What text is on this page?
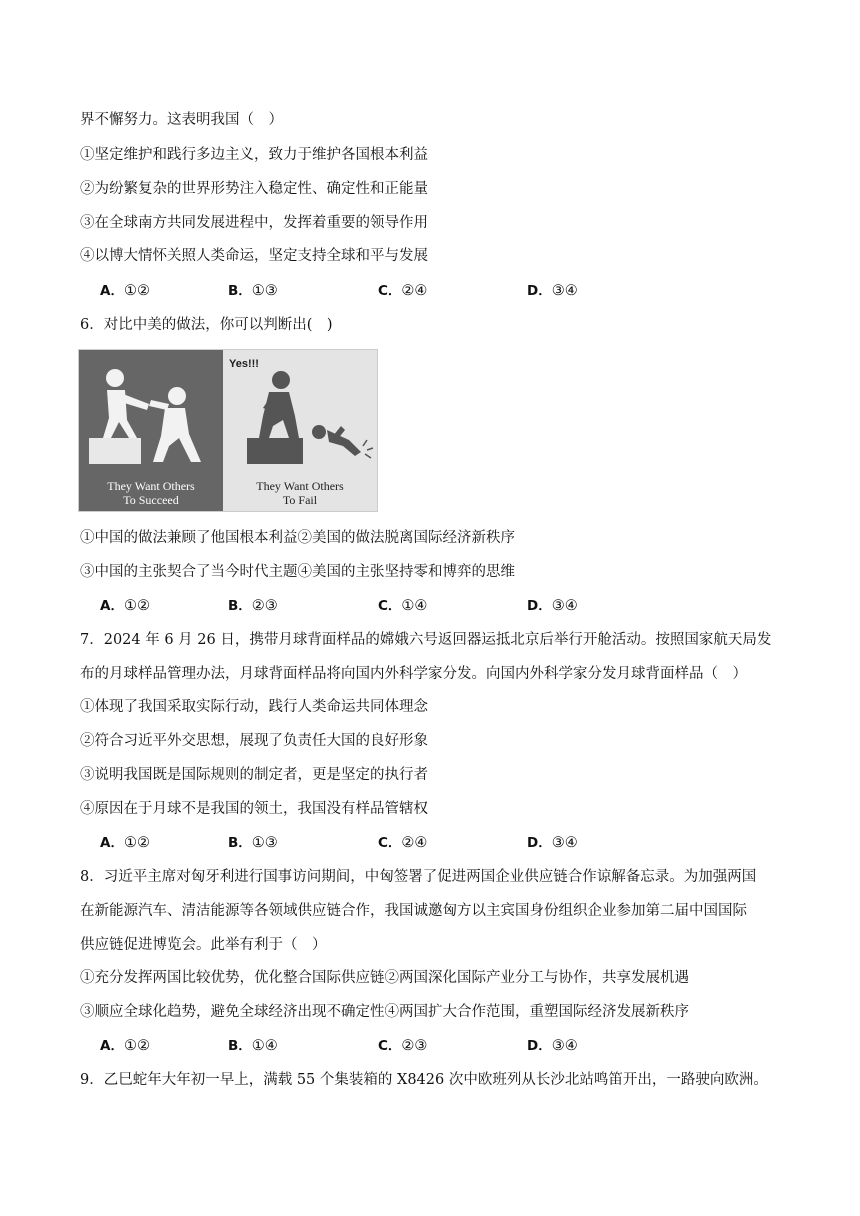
界不懈努力。这表明我国（　）
①坚定维护和践行多边主义，致力于维护各国根本利益
②为纷繁复杂的世界形势注入稳定性、确定性和正能量
③在全球南方共同发展进程中，发挥着重要的领导作用
④以博大情怀关照人类命运，坚定支持全球和平与发展
A．①②	B．①③	C．②④	D．③④
6．对比中美的做法，你可以判断出(　)
They Want Others
To Succeed
Yes!!!
They Want Others
To Fail
①中国的做法兼顾了他国根本利益②美国的做法脱离国际经济新秩序
③中国的主张契合了当今时代主题④美国的主张坚持零和博弈的思维
A．①②	B．②③	C．①④	D．③④
7．2024 年 6 月 26 日，携带月球背面样品的嫦娥六号返回器运抵北京后举行开舱活动。按照国家航天局发
布的月球样品管理办法，月球背面样品将向国内外科学家分发。向国内外科学家分发月球背面样品（　）
①体现了我国采取实际行动，践行人类命运共同体理念
②符合习近平外交思想，展现了负责任大国的良好形象
③说明我国既是国际规则的制定者，更是坚定的执行者
④原因在于月球不是我国的领土，我国没有样品管辖权
A．①②	B．①③	C．②④	D．③④
8．习近平主席对匈牙利进行国事访问期间，中匈签署了促进两国企业供应链合作谅解备忘录。为加强两国
在新能源汽车、清洁能源等各领域供应链合作，我国诚邀匈方以主宾国身份组织企业参加第二届中国国际
供应链促进博览会。此举有利于（　）
①充分发挥两国比较优势，优化整合国际供应链②两国深化国际产业分工与协作，共享发展机遇
③顺应全球化趋势，避免全球经济出现不确定性④两国扩大合作范围，重塑国际经济发展新秩序
A．①②	B．①④	C．②③	D．③④
9．乙巳蛇年大年初一早上，满载 55 个集装箱的 X8426 次中欧班列从长沙北站鸣笛开出，一路驶向欧洲。
